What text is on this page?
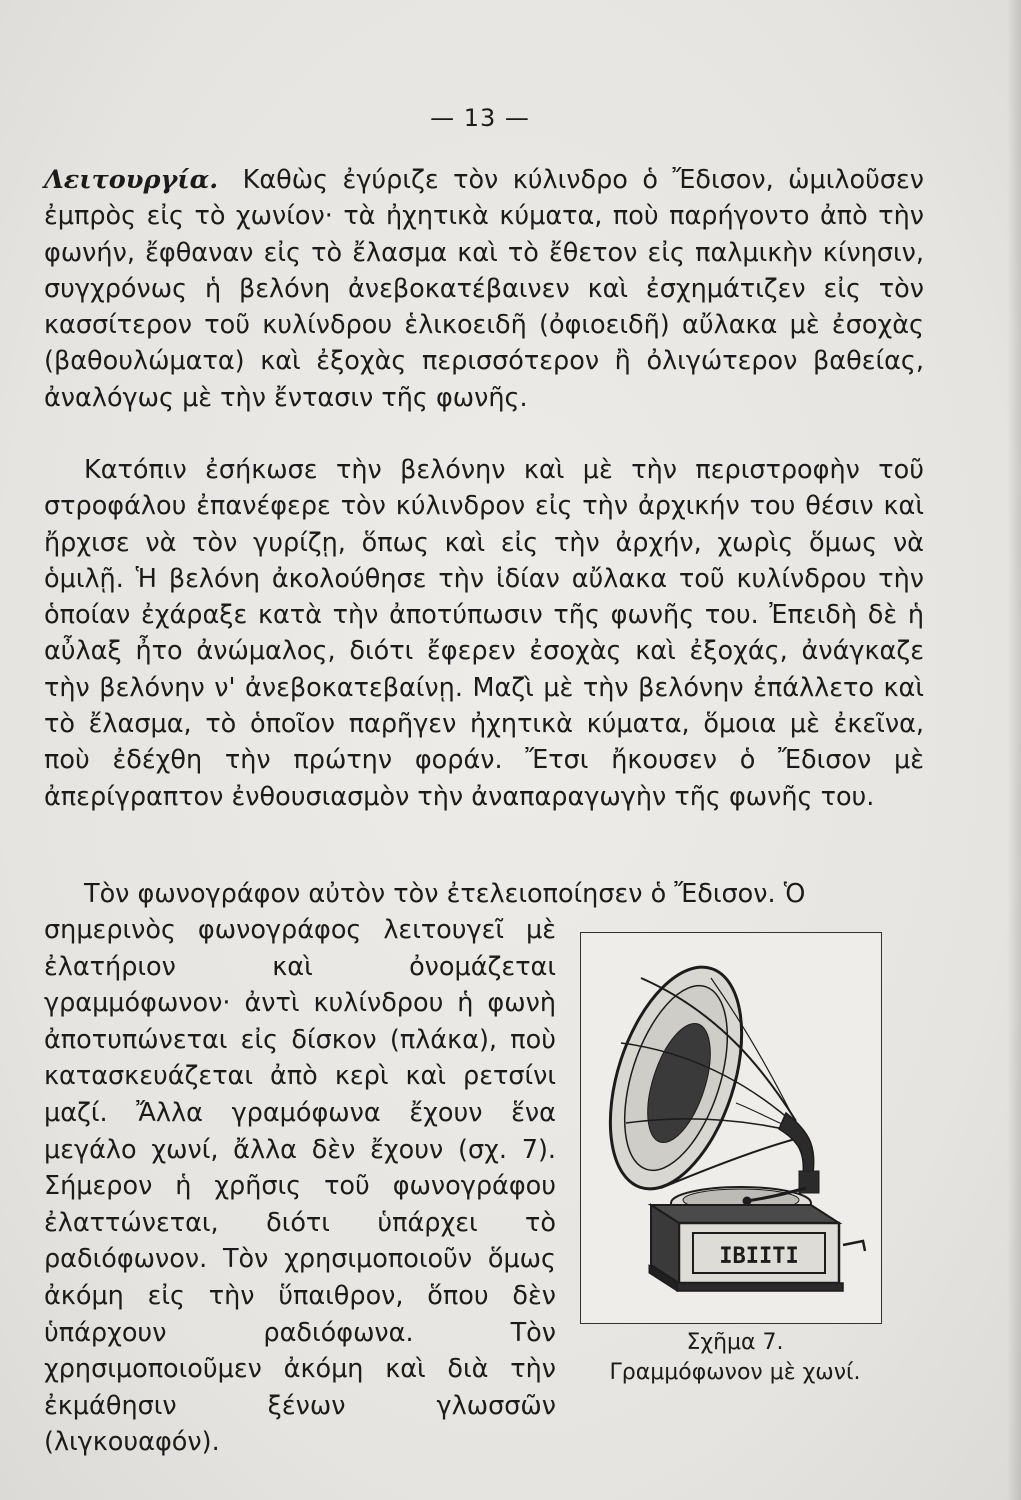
— 13 —

Λειτουργία. Καθὼς ἐγύριζε τὸν κύλινδρο ὁ Ἔδισον, ὡμιλοῦσεν ἐμπρὸς εἰς τὸ χωνίον· τὰ ἠχητικὰ κύματα, ποὺ παρήγοντο ἀπὸ τὴν φωνήν, ἔφθαναν εἰς τὸ ἔλασμα καὶ τὸ ἔθετον εἰς παλμικὴν κίνησιν, συγχρόνως ἡ βελόνη ἀνεβοκατέβαινεν καὶ ἐσχημάτιζεν εἰς τὸν κασσίτερον τοῦ κυλίνδρου ἑλικοειδῆ (ὀφιοειδῆ) αὔλακα μὲ ἐσοχὰς (βαθουλώματα) καὶ ἐξοχὰς περισσότερον ἢ ὀλιγώτερον βαθείας, ἀναλόγως μὲ τὴν ἔντασιν τῆς φωνῆς.

Κατόπιν ἐσήκωσε τὴν βελόνην καὶ μὲ τὴν περιστροφὴν τοῦ στροφάλου ἐπανέφερε τὸν κύλινδρον εἰς τὴν ἀρχικήν του θέσιν καὶ ἤρχισε νὰ τὸν γυρίζῃ, ὅπως καὶ εἰς τὴν ἀρχήν, χωρὶς ὅμως νὰ ὁμιλῇ. Ἡ βελόνη ἀκολούθησε τὴν ἰδίαν αὔλακα τοῦ κυλίνδρου τὴν ὁποίαν ἐχάραξε κατὰ τὴν ἀποτύπωσιν τῆς φωνῆς του. Ἐπειδὴ δὲ ἡ αὖλαξ ἦτο ἀνώμαλος, διότι ἔφερεν ἐσοχὰς καὶ ἐξοχάς, ἀνάγκαζε τὴν βελόνην ν' ἀνεβοκατεβαίνῃ. Μαζὶ μὲ τὴν βελόνην ἐπάλλετο καὶ τὸ ἔλασμα, τὸ ὁποῖον παρῆγεν ἠχητικὰ κύματα, ὅμοια μὲ ἐκεῖνα, ποὺ ἐδέχθη τὴν πρώτην φοράν. Ἔτσι ἤκουσεν ὁ Ἔδισον μὲ ἀπερίγραπτον ἐνθουσιασμὸν τὴν ἀναπαραγωγὴν τῆς φωνῆς του.

Τὸν φωνογράφον αὐτὸν τὸν ἐτελειοποίησεν ὁ Ἔδισον. Ὁ

σημερινὸς φωνογράφος λειτουγεῖ μὲ ἐλατήριον καὶ ὀνομάζεται γραμμόφωνον· ἀντὶ κυλίνδρου ἡ φωνὴ ἀποτυπώνεται εἰς δίσκον (πλάκα), ποὺ κατασκευάζεται ἀπὸ κερὶ καὶ ρετσίνι μαζί. Ἄλλα γραμόφωνα ἔχουν ἕνα μεγάλο χωνί, ἄλλα δὲν ἔχουν (σχ. 7). Σήμερον ἡ χρῆσις τοῦ φωνογράφου ἐλαττώνεται, διότι ὑπάρχει τὸ ραδιόφωνον. Τὸν χρησιμοποιοῦν ὅμως ἀκόμη εἰς τὴν ὕπαιθρον, ὅπου δὲν ὑπάρχουν ραδιόφωνα. Τὸν χρησιμοποιοῦμεν ἀκόμη καὶ διὰ τὴν ἐκμάθησιν ξένων γλωσσῶν (λιγκουαφόν).

ΙΒΙΙΤΙ
Σχῆμα 7.
Γραμμόφωνον μὲ χωνί.
